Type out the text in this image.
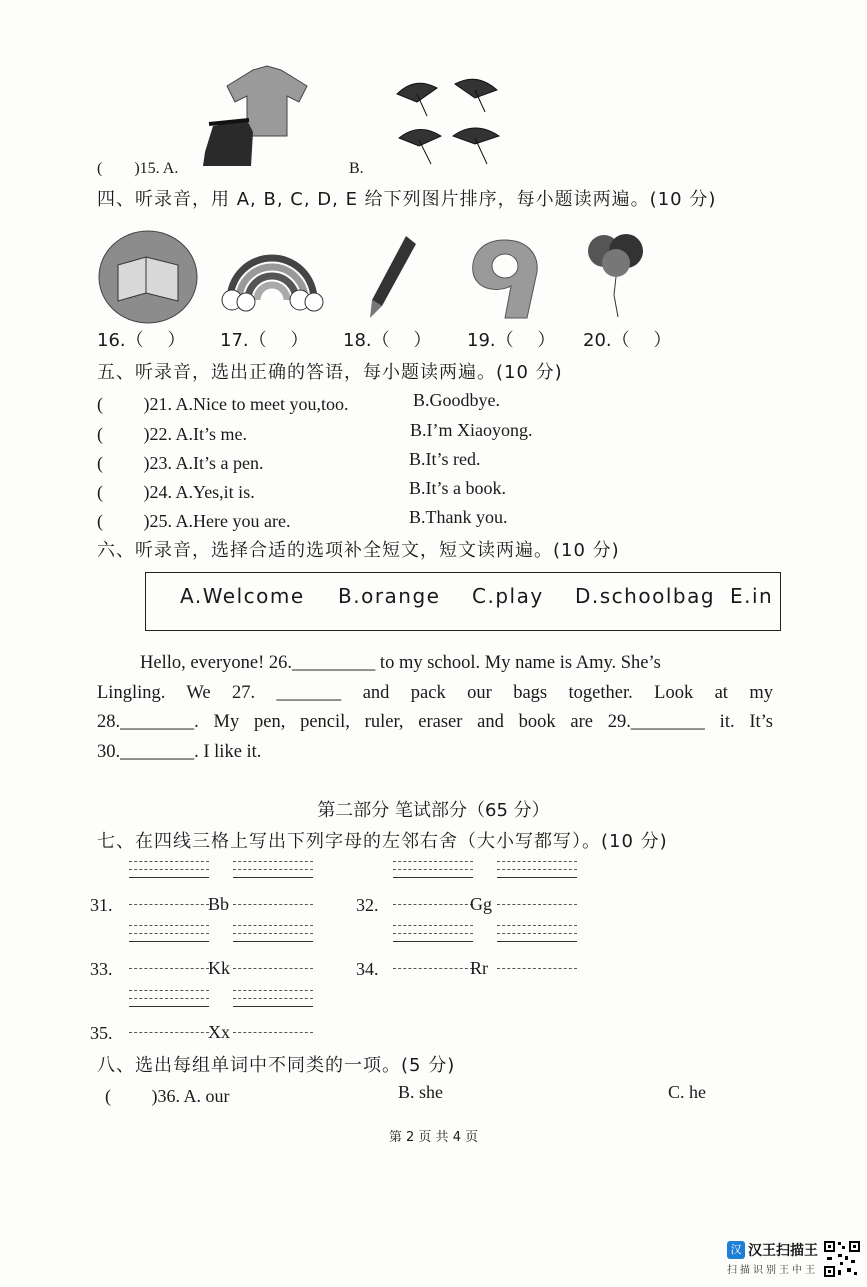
( )15. A.	B.
四、听录音，用 A, B, C, D, E 给下列图片排序，每小题读两遍。(10 分)
16.（　 ） 17.（　 ） 18.（　 ） 19.（　 ） 20.（　 ）
五、听录音，选出正确的答语，每小题读两遍。(10 分)
(　　 )21. A.Nice to meet you,too.	B.Goodbye.
(　　 )22. A.It’s me.	B.I’m Xiaoyong.
(　　 )23. A.It’s a pen.	B.It’s red.
(　　 )24. A.Yes,it is.	B.It’s a book.
(　　 )25. A.Here you are.	B.Thank you.
六、听录音，选择合适的选项补全短文，短文读两遍。(10 分)
A.Welcome B.orange C.play D.schoolbag E.in

Hello, everyone! 26._________ to my school. My name is Amy. She’s

Lingling. We 27. _______ and pack our bags together. Look at my
28.________. My pen, pencil, ruler, eraser and book are 29.________ it. It’s
30.________. I like it.
第二部分 笔试部分（65 分）
七、在四线三格上写出下列字母的左邻右舍（大小写都写）。(10 分)
31.	Bb	32.	Gg
33.	Kk	34.	Rr
35.	Xx
八、选出每组单词中不同类的一项。(5 分)
(　　 )36. A. our	B. she	C. he
第 2 页 共 4 页
汉 汉王扫描王
扫描识别王中王
